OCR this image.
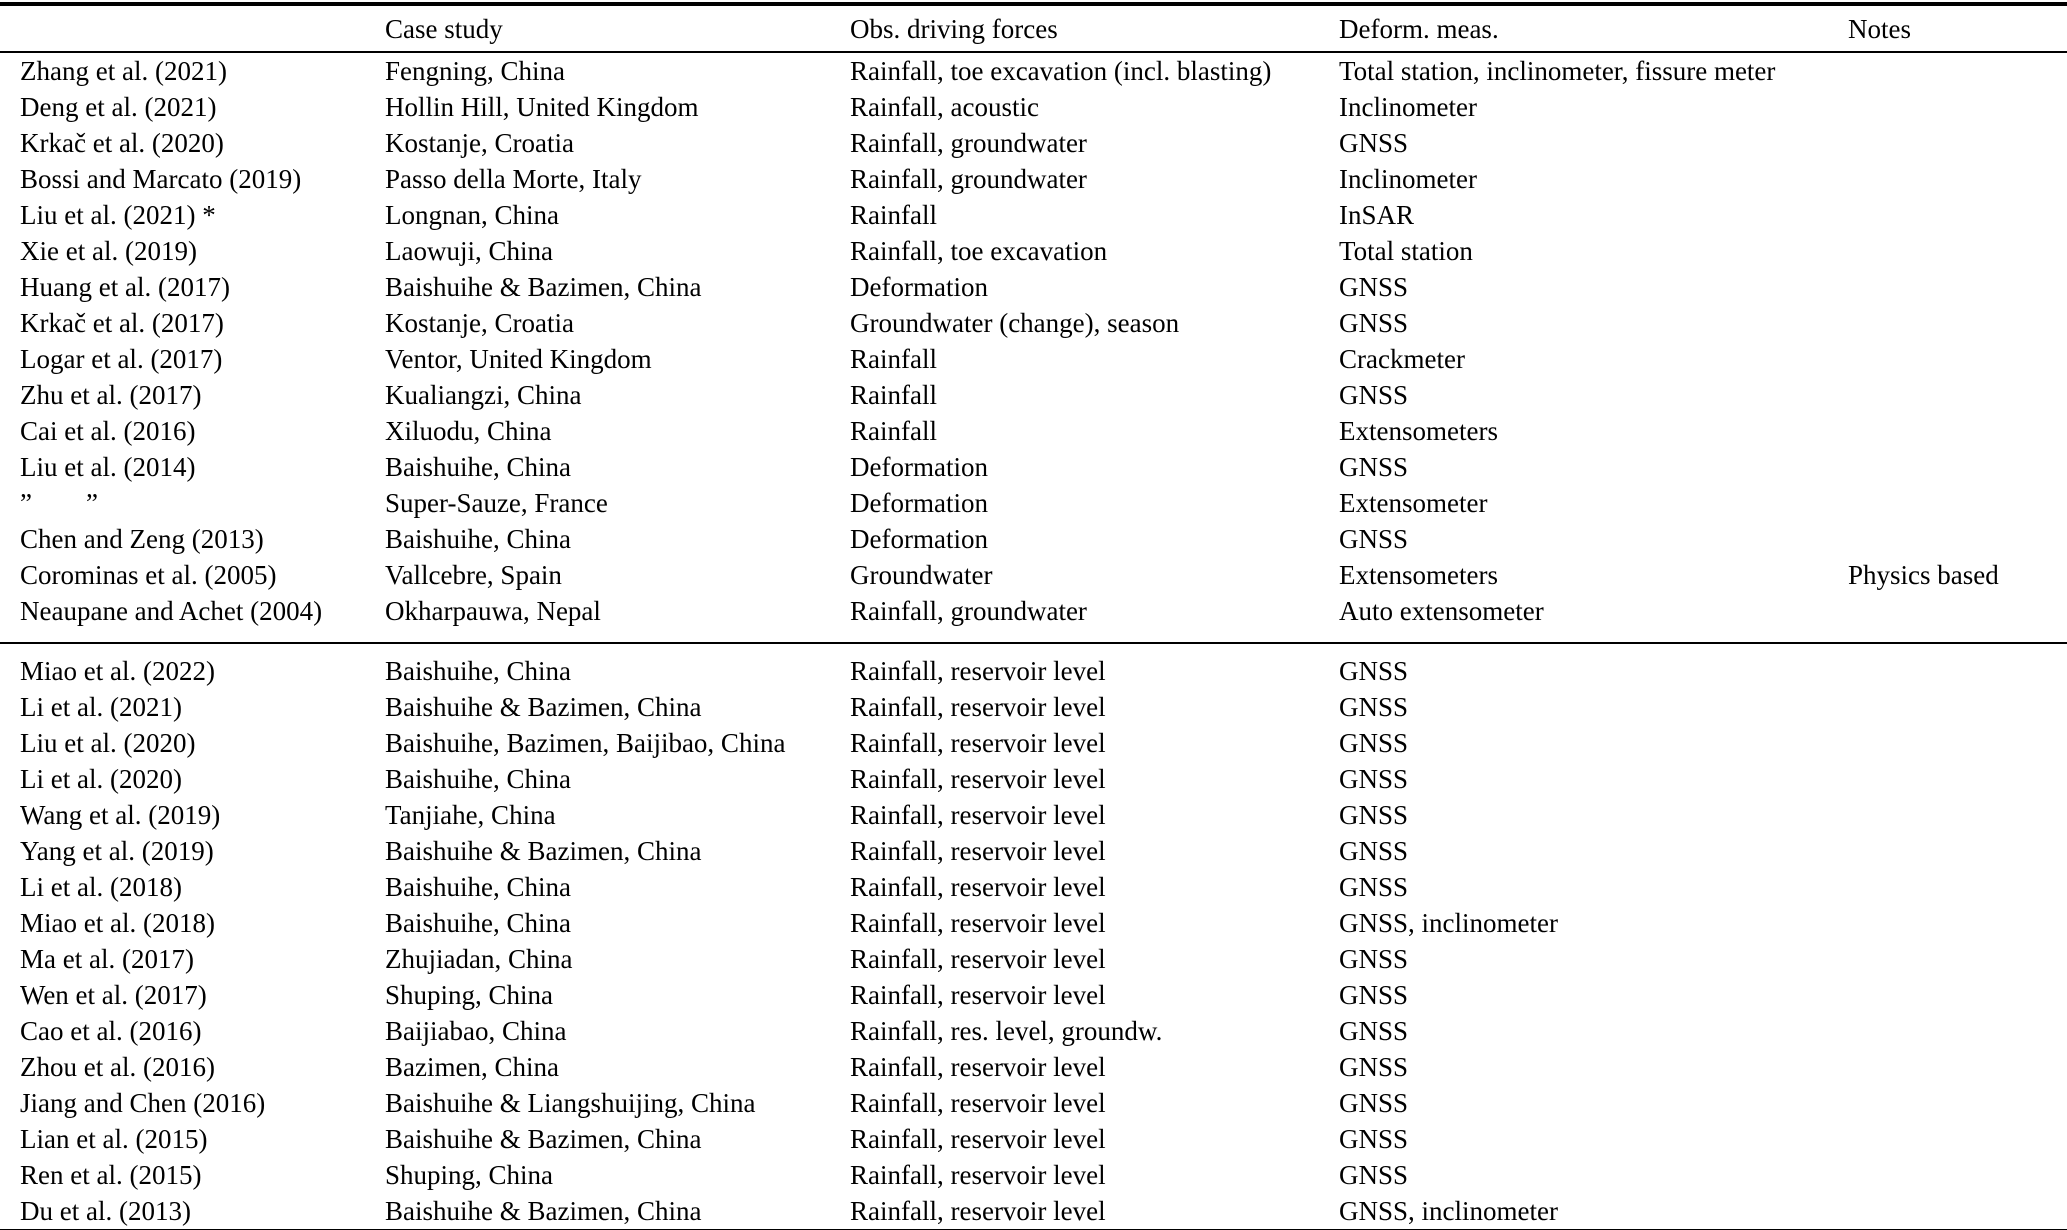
	Case study	Obs. driving forces	Deform. meas.	Notes
Zhang et al. (2021)	Fengning, China	Rainfall, toe excavation (incl. blasting)	Total station, inclinometer, fissure meter	
Deng et al. (2021)	Hollin Hill, United Kingdom	Rainfall, acoustic	Inclinometer	
Krkač et al. (2020)	Kostanje, Croatia	Rainfall, groundwater	GNSS	
Bossi and Marcato (2019)	Passo della Morte, Italy	Rainfall, groundwater	Inclinometer	
Liu et al. (2021) *	Longnan, China	Rainfall	InSAR	
Xie et al. (2019)	Laowuji, China	Rainfall, toe excavation	Total station	
Huang et al. (2017)	Baishuihe & Bazimen, China	Deformation	GNSS	
Krkač et al. (2017)	Kostanje, Croatia	Groundwater (change), season	GNSS	
Logar et al. (2017)	Ventor, United Kingdom	Rainfall	Crackmeter	
Zhu et al. (2017)	Kualiangzi, China	Rainfall	GNSS	
Cai et al. (2016)	Xiluodu, China	Rainfall	Extensometers	
Liu et al. (2014)	Baishuihe, China	Deformation	GNSS	
”        ”	Super-Sauze, France	Deformation	Extensometer	
Chen and Zeng (2013)	Baishuihe, China	Deformation	GNSS	
Corominas et al. (2005)	Vallcebre, Spain	Groundwater	Extensometers	Physics based
Neaupane and Achet (2004)	Okharpauwa, Nepal	Rainfall, groundwater	Auto extensometer	
Miao et al. (2022)	Baishuihe, China	Rainfall, reservoir level	GNSS	
Li et al. (2021)	Baishuihe & Bazimen, China	Rainfall, reservoir level	GNSS	
Liu et al. (2020)	Baishuihe, Bazimen, Baijibao, China	Rainfall, reservoir level	GNSS	
Li et al. (2020)	Baishuihe, China	Rainfall, reservoir level	GNSS	
Wang et al. (2019)	Tanjiahe, China	Rainfall, reservoir level	GNSS	
Yang et al. (2019)	Baishuihe & Bazimen, China	Rainfall, reservoir level	GNSS	
Li et al. (2018)	Baishuihe, China	Rainfall, reservoir level	GNSS	
Miao et al. (2018)	Baishuihe, China	Rainfall, reservoir level	GNSS, inclinometer	
Ma et al. (2017)	Zhujiadan, China	Rainfall, reservoir level	GNSS	
Wen et al. (2017)	Shuping, China	Rainfall, reservoir level	GNSS	
Cao et al. (2016)	Baijiabao, China	Rainfall, res. level, groundw.	GNSS	
Zhou et al. (2016)	Bazimen, China	Rainfall, reservoir level	GNSS	
Jiang and Chen (2016)	Baishuihe & Liangshuijing, China	Rainfall, reservoir level	GNSS	
Lian et al. (2015)	Baishuihe & Bazimen, China	Rainfall, reservoir level	GNSS	
Ren et al. (2015)	Shuping, China	Rainfall, reservoir level	GNSS	
Du et al. (2013)	Baishuihe & Bazimen, China	Rainfall, reservoir level	GNSS, inclinometer	
